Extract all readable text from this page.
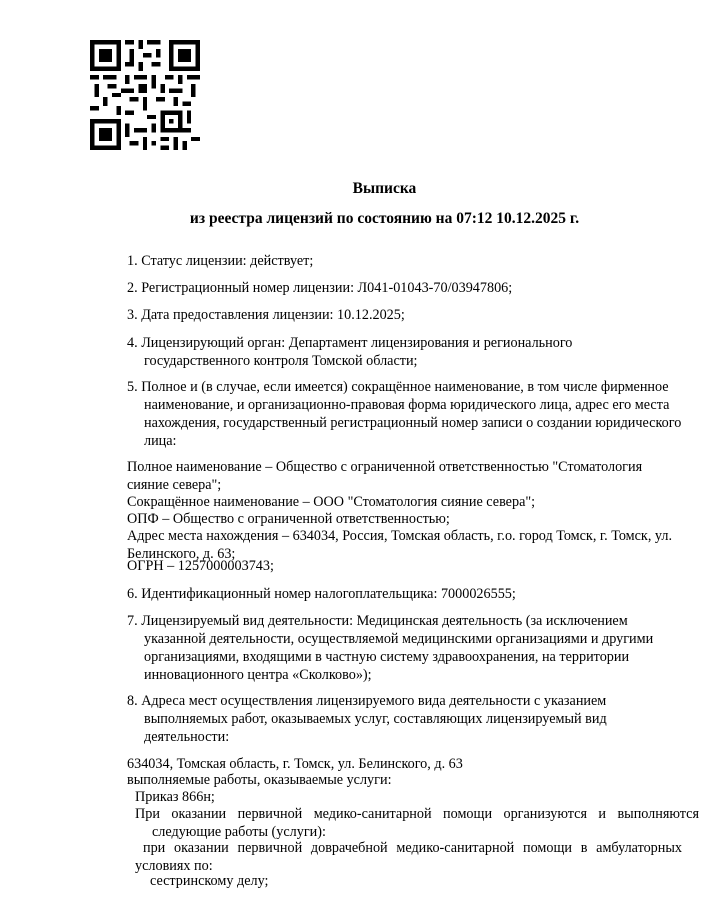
Выписка
из реестра лицензий по состоянию на 07:12 10.12.2025 г.
1. Статус лицензии: действует;
2. Регистрационный номер лицензии: Л041-01043-70/03947806;
3. Дата предоставления лицензии: 10.12.2025;
4. Лицензирующий орган: Департамент лицензирования и регионального государственного контроля Томской области;
5. Полное и (в случае, если имеется) сокращённое наименование, в том числе фирменное наименование, и организационно-правовая форма юридического лица, адрес его места нахождения, государственный регистрационный номер записи о создании юридического лица:
Полное наименование – Общество с ограниченной ответственностью "Стоматология сияние севера";
Сокращённое наименование – ООО "Стоматология сияние севера";
ОПФ – Общество с ограниченной ответственностью;
Адрес места нахождения – 634034, Россия, Томская область, г.о. город Томск, г. Томск, ул. Белинского, д. 63;
ОГРН – 1257000003743;
6. Идентификационный номер налогоплательщика: 7000026555;
7. Лицензируемый вид деятельности: Медицинская деятельность (за исключением указанной деятельности, осуществляемой медицинскими организациями и другими организациями, входящими в частную систему здравоохранения, на территории инновационного центра «Сколково»);
8. Адреса мест осуществления лицензируемого вида деятельности с указанием выполняемых работ, оказываемых услуг, составляющих лицензируемый вид деятельности:
634034, Томская область, г. Томск, ул. Белинского, д. 63
выполняемые работы, оказываемые услуги:
Приказ 866н;
При оказании первичной медико-санитарной помощи организуются и выполняются следующие работы (услуги):
при оказании первичной доврачебной медико-санитарной помощи в амбулаторных условиях по:
сестринскому делу;
